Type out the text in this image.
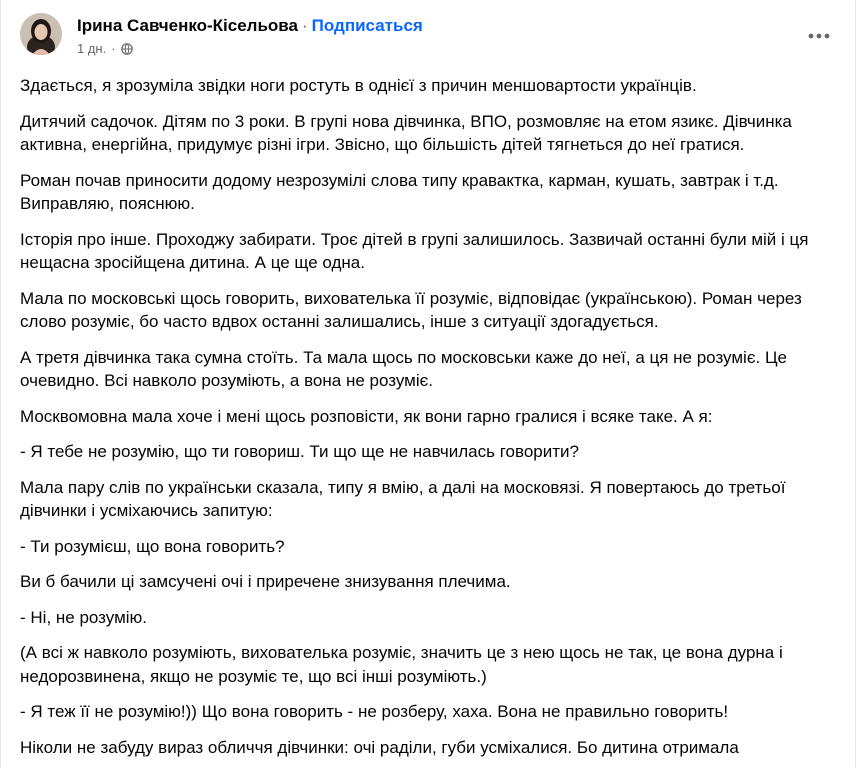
Ірина Савченко-Кісельова · Подписаться
1 дн. ·

Здається, я зрозуміла звідки ноги ростуть в однієї з причин меншовартости українців.

Дитячий садочок. Дітям по 3 роки. В групі нова дівчинка, ВПО, розмовляє на етом язикє. Дівчинка активна, енергійна, придумує різні ігри. Звісно, що більшість дітей тягнеться до неї гратися.

Роман почав приносити додому незрозумілі слова типу кравактка, карман, кушать, завтрак і т.д. Виправляю, пояснюю.

Історія про інше. Проходжу забирати. Троє дітей в групі залишилось. Зазвичай останні були мій і ця нещасна зросійщена дитина. А це ще одна.

Мала по московські щось говорить, вихователька її розуміє, відповідає (українською). Роман через слово розуміє, бо часто вдвох останні залишались, інше з ситуації здогадується.

А третя дівчинка така сумна стоїть. Та мала щось по московськи каже до неї, а ця не розуміє. Це очевидно. Всі навколо розуміють, а вона не розуміє.

Москвомовна мала хоче і мені щось розповісти, як вони гарно гралися і всяке таке. А я:

- Я тебе не розумію, що ти говориш. Ти що ще не навчилась говорити?

Мала пару слів по українськи сказала, типу я вмію, а далі на московязі. Я повертаюсь до третьої дівчинки і усміхаючись запитую:

- Ти розумієш, що вона говорить?

Ви б бачили ці замсучені очі і приречене знизування плечима.

- Ні, не розумію.

(А всі ж навколо розуміють, вихователька розуміє, значить це з нею щось не так, це вона дурна і недорозвинена, якщо не розуміє те, що всі інші розуміють.)

- Я теж її не розумію!)) Що вона говорить - не розберу, хаха. Вона не правильно говорить!

Ніколи не забуду вираз обличчя дівчинки: очі раділи, губи усміхалися. Бо дитина отримала
